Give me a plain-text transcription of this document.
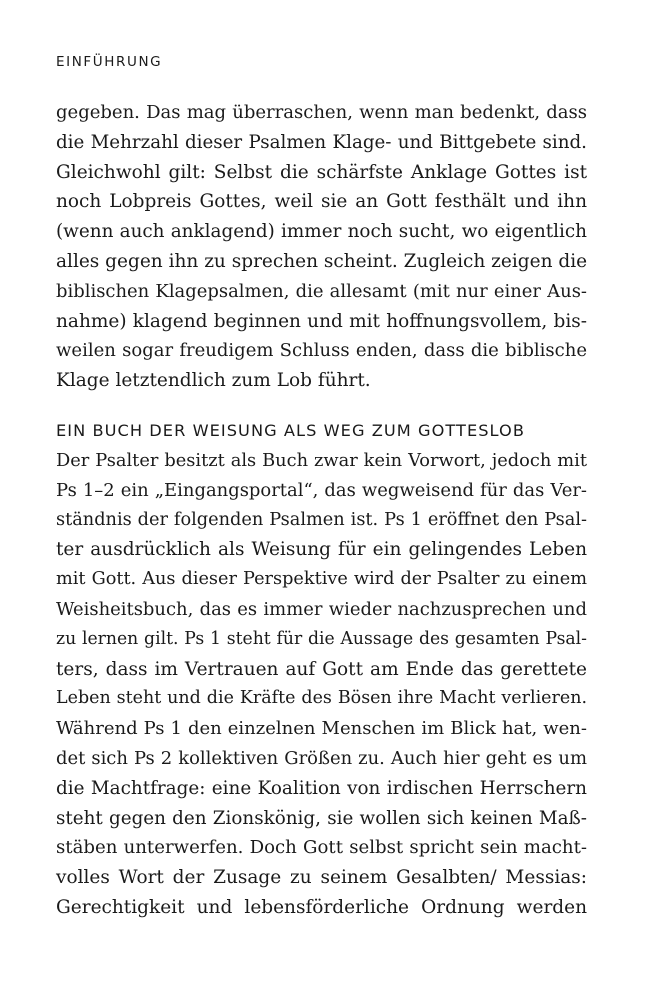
EINFÜHRUNG
gegeben. Das mag überraschen, wenn man bedenkt, dass
die Mehrzahl dieser Psalmen Klage- und Bittgebete sind.
Gleichwohl gilt: Selbst die schärfste Anklage Gottes ist
noch Lobpreis Gottes, weil sie an Gott festhält und ihn
(wenn auch anklagend) immer noch sucht, wo eigentlich
alles gegen ihn zu sprechen scheint. Zugleich zeigen die
biblischen Klagepsalmen, die allesamt (mit nur einer Aus-
nahme) klagend beginnen und mit hoffnungsvollem, bis-
weilen sogar freudigem Schluss enden, dass die biblische
Klage letztendlich zum Lob führt.
EIN BUCH DER WEISUNG ALS WEG ZUM GOTTESLOB
Der Psalter besitzt als Buch zwar kein Vorwort, jedoch mit
Ps 1–2 ein „Eingangsportal“, das wegweisend für das Ver-
ständnis der folgenden Psalmen ist. Ps 1 eröffnet den Psal-
ter ausdrücklich als Weisung für ein gelingendes Leben
mit Gott. Aus dieser Perspektive wird der Psalter zu einem
Weisheitsbuch, das es immer wieder nachzusprechen und
zu lernen gilt. Ps 1 steht für die Aussage des gesamten Psal-
ters, dass im Vertrauen auf Gott am Ende das gerettete
Leben steht und die Kräfte des Bösen ihre Macht verlieren.
Während Ps 1 den einzelnen Menschen im Blick hat, wen-
det sich Ps 2 kollektiven Größen zu. Auch hier geht es um
die Machtfrage: eine Koalition von irdischen Herrschern
steht gegen den Zionskönig, sie wollen sich keinen Maß-
stäben unterwerfen. Doch Gott selbst spricht sein macht-
volles Wort der Zusage zu seinem Gesalbten/ Messias:
Gerechtigkeit und lebensförderliche Ordnung werden
